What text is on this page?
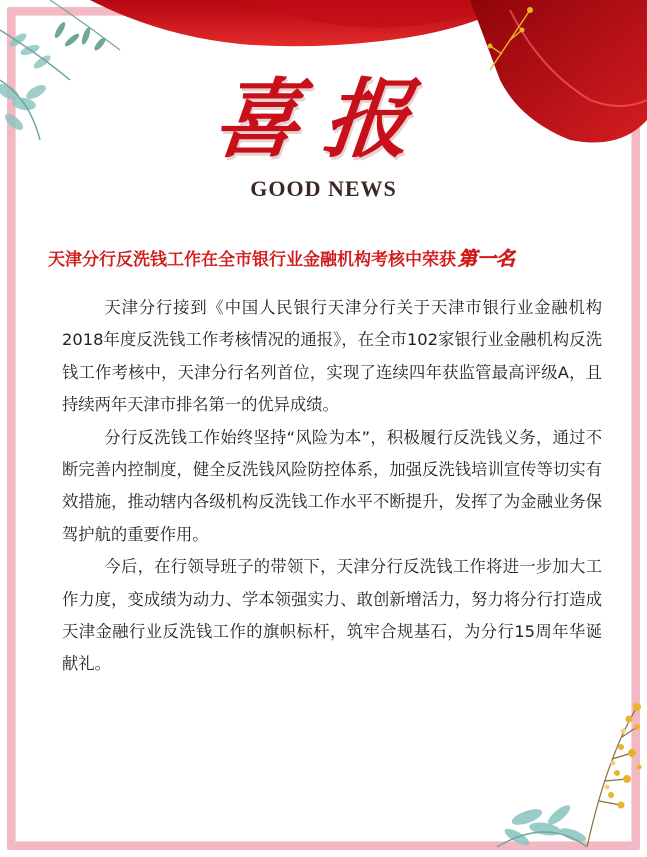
喜报
GOOD NEWS
天津分行反洗钱工作在全市银行业金融机构考核中荣获 第一名

天津分行接到《中国人民银行天津分行关于天津市银行业金融机构2018年度反洗钱工作考核情况的通报》，在全市102家银行业金融机构反洗钱工作考核中，天津分行名列首位，实现了连续四年获监管最高评级A，且持续两年天津市排名第一的优异成绩。

分行反洗钱工作始终坚持“风险为本”，积极履行反洗钱义务，通过不断完善内控制度，健全反洗钱风险防控体系，加强反洗钱培训宣传等切实有效措施，推动辖内各级机构反洗钱工作水平不断提升，发挥了为金融业务保驾护航的重要作用。

今后，在行领导班子的带领下，天津分行反洗钱工作将进一步加大工作力度，变成绩为动力、学本领强实力、敢创新增活力，努力将分行打造成天津金融行业反洗钱工作的旗帜标杆，筑牢合规基石，为分行15周年华诞献礼。
